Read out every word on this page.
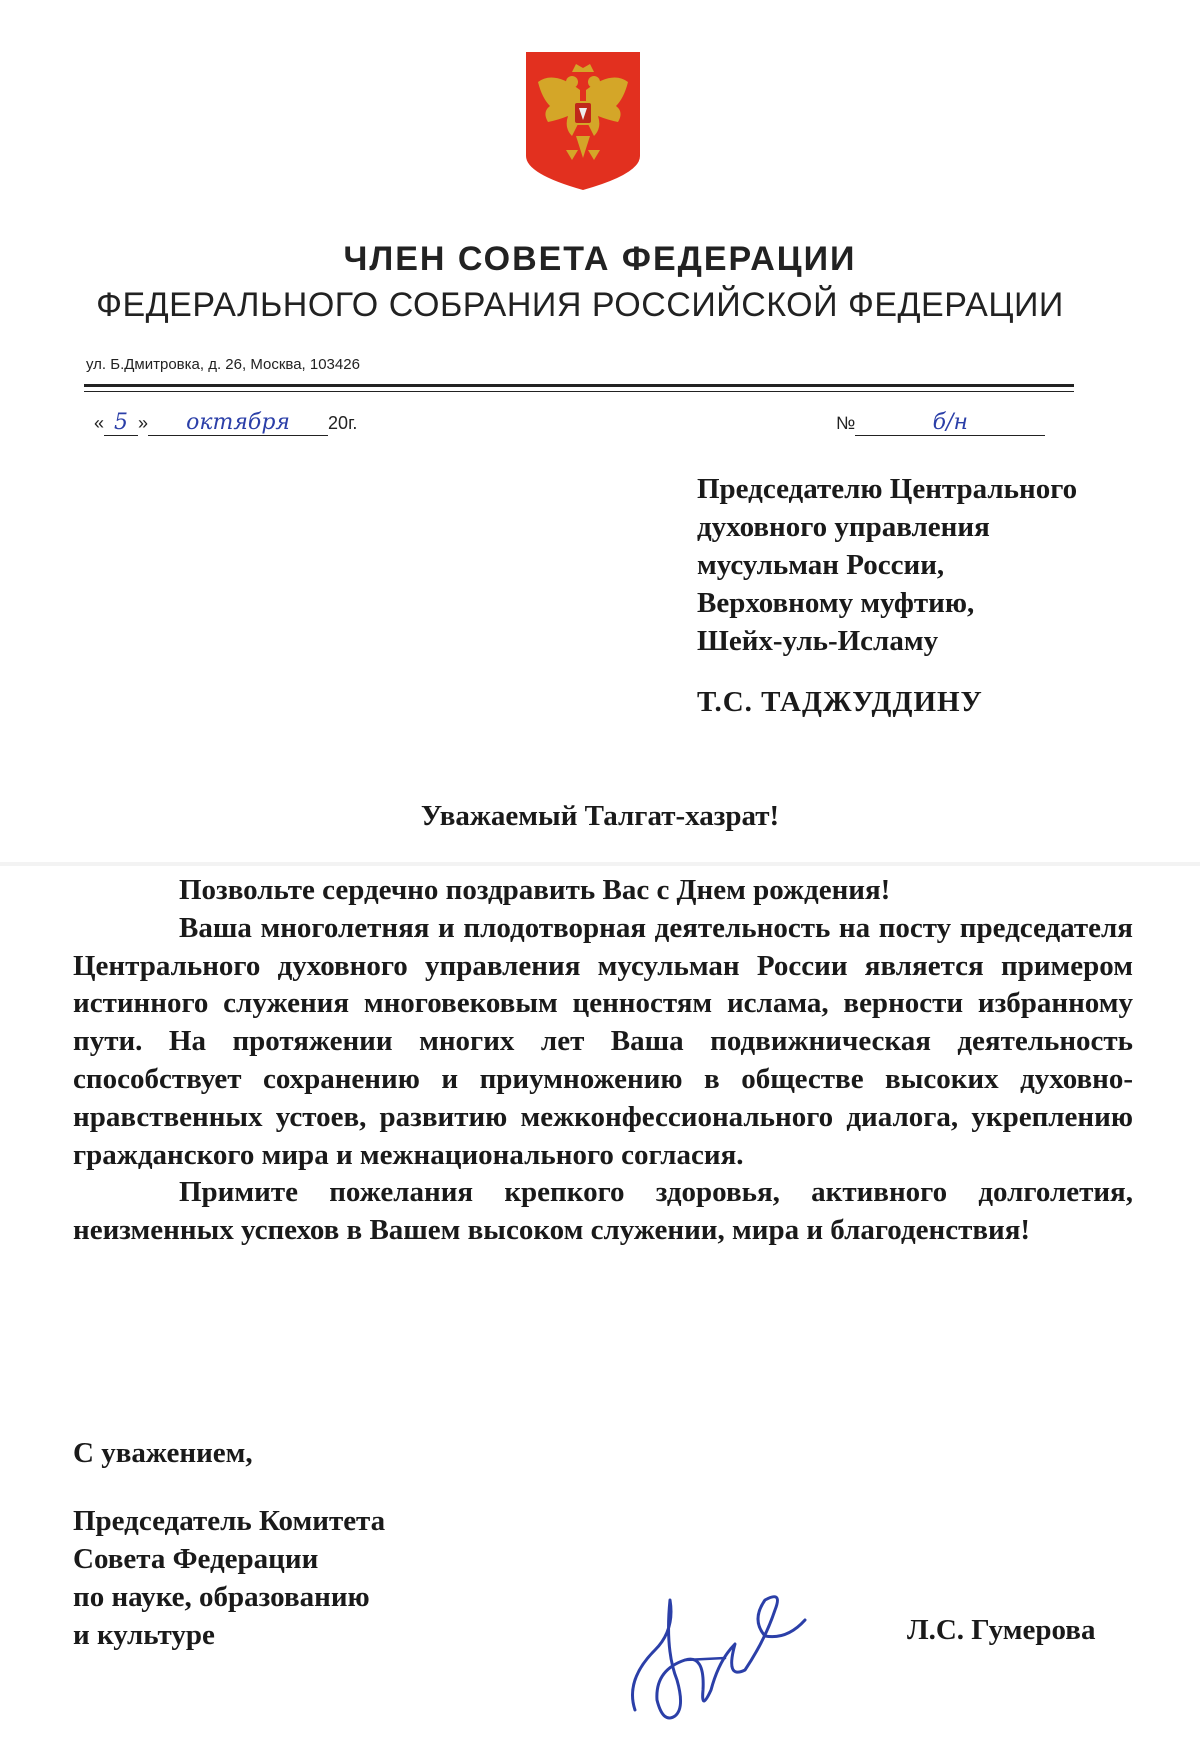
ЧЛЕН СОВЕТА ФЕДЕРАЦИИ
ФЕДЕРАЛЬНОГО СОБРАНИЯ РОССИЙСКОЙ ФЕДЕРАЦИИ
ул. Б.Дмитровка, д. 26, Москва, 103426
« 5 » октября 20г.	№	б/н
Председателю Центрального
духовного управления
мусульман России,
Верховному муфтию,
Шейх-уль-Исламу
Т.С. ТАДЖУДДИНУ
Уважаемый Талгат-хазрат!

Позвольте сердечно поздравить Вас с Днем рождения!

Ваша многолетняя и плодотворная деятельность на посту председателя Центрального духовного управления мусульман России является примером истинного служения многовековым ценностям ислама, верности избранному пути. На протяжении многих лет Ваша подвижническая деятельность способствует сохранению и приумножению в обществе высоких духовно-нравственных устоев, развитию межконфессионального диалога, укреплению гражданского мира и межнационального согласия.

Примите пожелания крепкого здоровья, активного долголетия, неизменных успехов в Вашем высоком служении, мира и благоденствия!

С уважением,
Председатель Комитета
Совета Федерации
по науке, образованию
и культуре	Л.С. Гумерова
